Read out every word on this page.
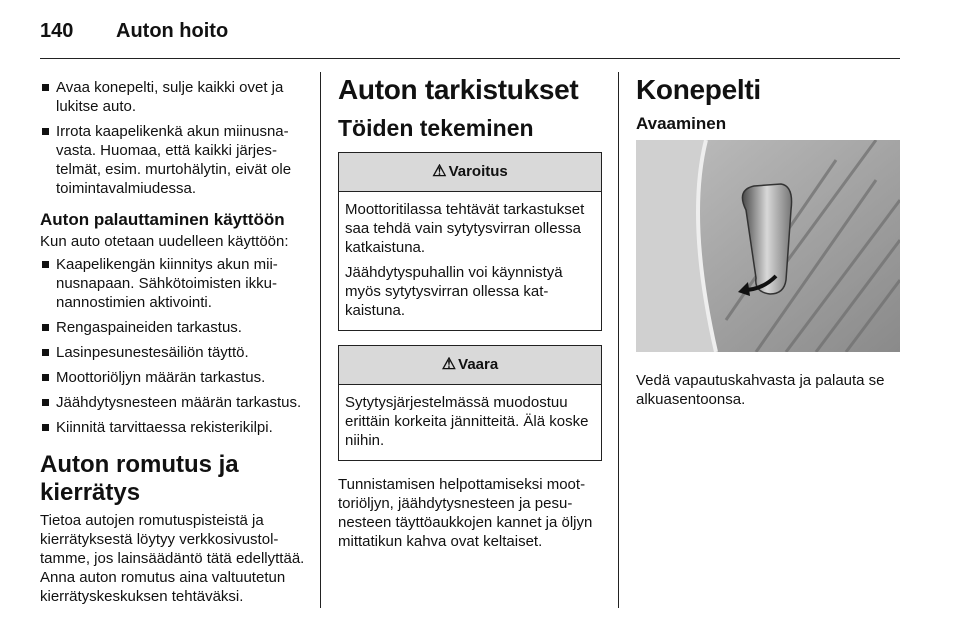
140	Auton hoito
Avaa konepelti, sulje kaikki ovet ja lukitse auto.
Irrota kaapelikenkä akun miinusnavasta. Huomaa, että kaikki järjestelmät, esim. murtohälytin, eivät ole toimintavalmiudessa.
Auton palauttaminen käyttöön
Kun auto otetaan uudelleen käyttöön:
Kaapelikengän kiinnitys akun miinusnapaan. Sähkötoimisten ikkunannostimien aktivointi.
Rengaspaineiden tarkastus.
Lasinpesunestesäiliön täyttö.
Moottoriöljyn määrän tarkastus.
Jäähdytysnesteen määrän tarkastus.
Kiinnitä tarvittaessa rekisterikilpi.
Auton romutus ja kierrätys
Tietoa autojen romutuspisteistä ja kierrätyksestä löytyy verkkosivustoltamme, jos lainsäädäntö tätä edellyttää. Anna auton romutus aina valtuutetun kierrätyskeskuksen tehtäväksi.
Auton tarkistukset
Töiden tekeminen
⚠ Varoitus
Moottoritilassa tehtävät tarkastukset saa tehdä vain sytytysvirran ollessa katkaistuna.
Jäähdytyspuhallin voi käynnistyä myös sytytysvirran ollessa katkaistuna.
⚠ Vaara
Sytytysjärjestelmässä muodostuu erittäin korkeita jännitteitä. Älä koske niihin.
Tunnistamisen helpottamiseksi moottoriöljyn, jäähdytysnesteen ja pesunesteen täyttöaukkojen kannet ja öljyn mittatikun kahva ovat keltaiset.
Konepelti
Avaaminen
Vedä vapautuskahvasta ja palauta se alkuasentoonsa.
